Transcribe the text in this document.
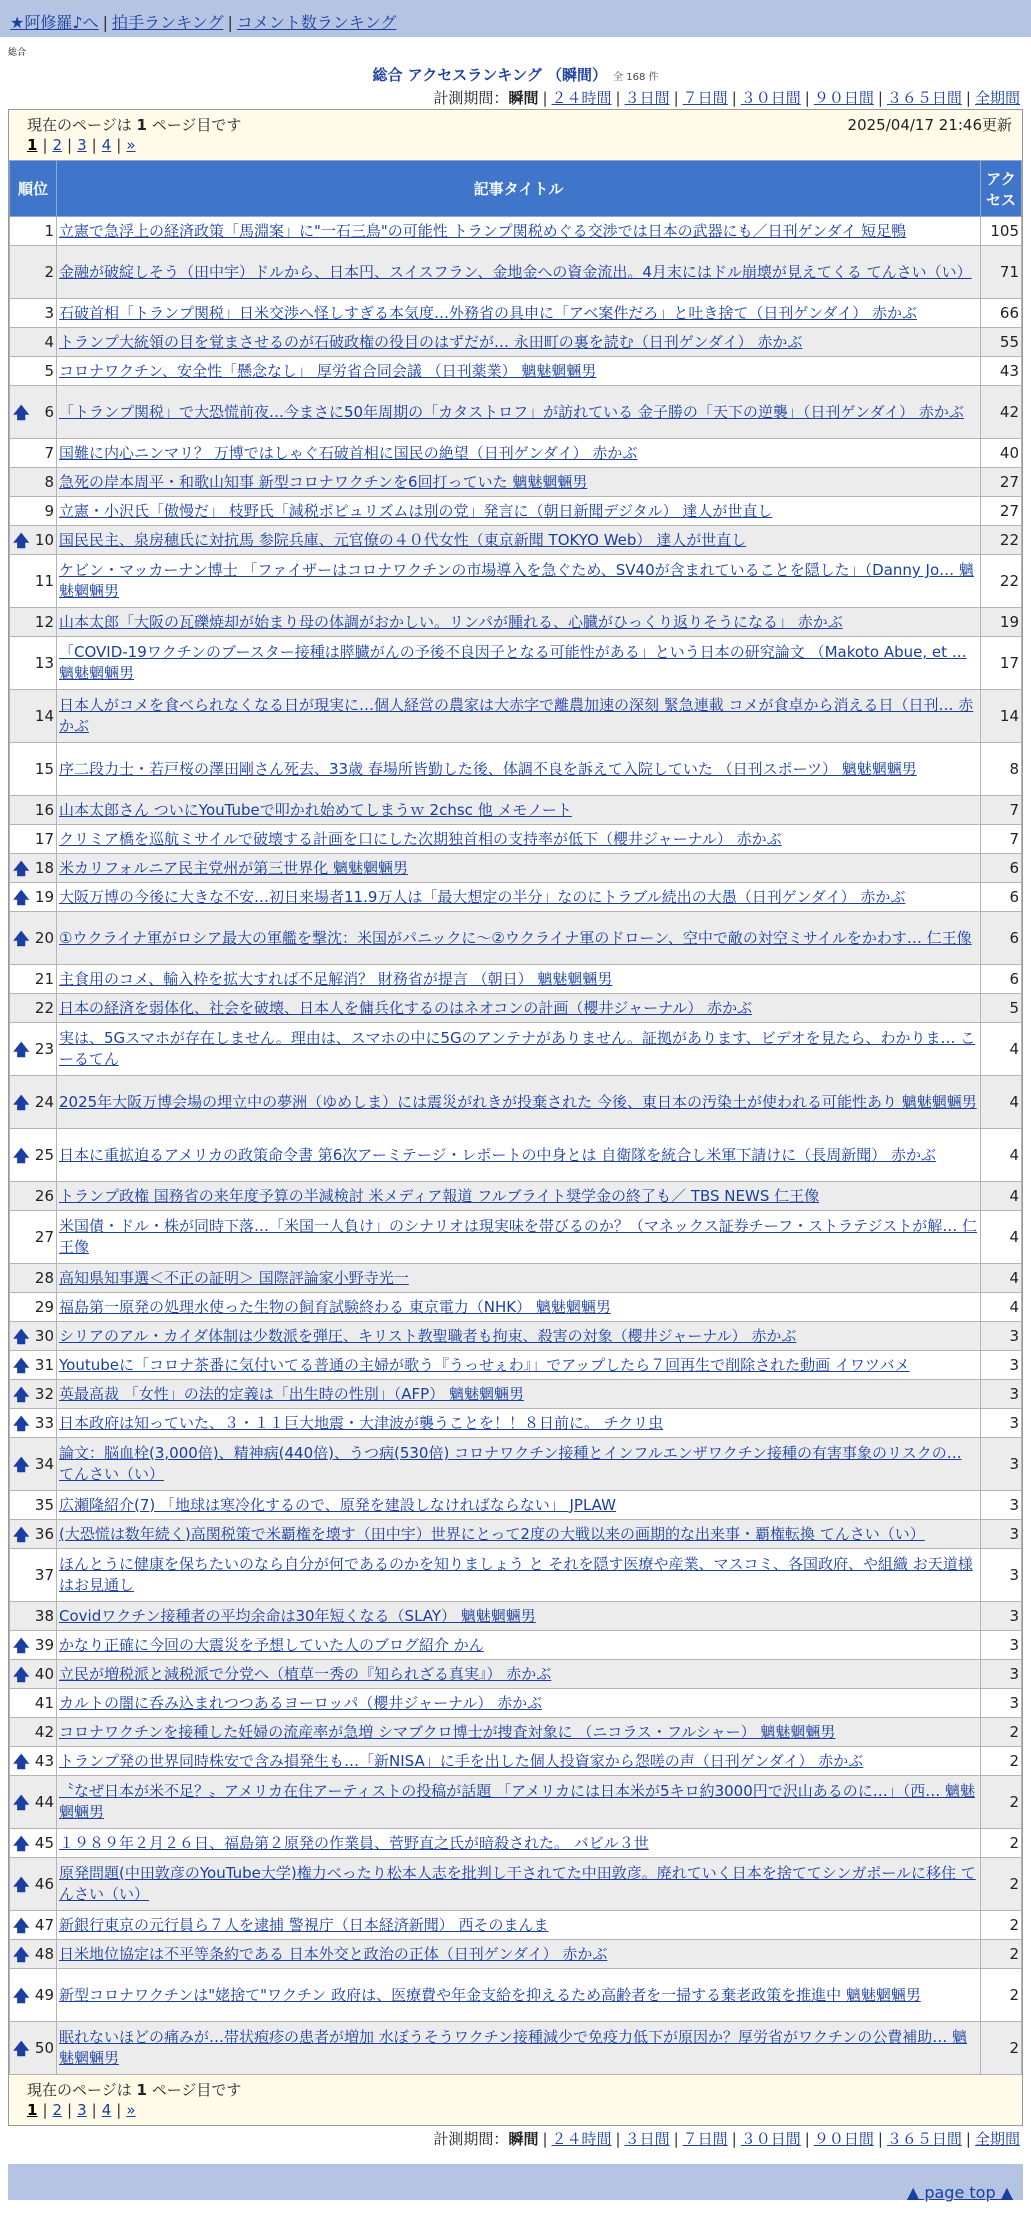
★阿修羅♪へ | 拍手ランキング | コメント数ランキング
総合
総合 アクセスランキング （瞬間） 全 168 件
計測期間：瞬間 | ２４時間 | ３日間 | ７日間 | ３０日間 | ９０日間 | ３６５日間 | 全期間
現在のページは 1 ページ目です	2025/04/17 21:46更新
1 | 2 | 3 | 4 | »
順位	記事タイトル	アクセス
1	立憲で急浮上の経済政策「馬淵案」に"一石三鳥"の可能性 トランプ関税めぐる交渉では日本の武器にも／日刊ゲンダイ 短足鴨	105
2	金融が破綻しそう（田中宇）ドルから、日本円、スイスフラン、金地金への資金流出。4月末にはドル崩壊が見えてくる てんさい（い）	71
3	石破首相「トランプ関税」日米交渉へ怪しすぎる本気度…外務省の具申に「アベ案件だろ」と吐き捨て（日刊ゲンダイ） 赤かぶ	66
4	トランプ大統領の目を覚まさせるのが石破政権の役目のはずだが… 永田町の裏を読む（日刊ゲンダイ） 赤かぶ	55
5	コロナワクチン、安全性「懸念なし」 厚労省合同会議 （日刊薬業） 魑魅魍魎男	43

🡅 6	「トランプ関税」で大恐慌前夜…今まさに50年周期の「カタストロフ」が訪れている 金子勝の「天下の逆襲」（日刊ゲンダイ） 赤かぶ	42
7	国難に内心ニンマリ？ 万博ではしゃぐ石破首相に国民の絶望（日刊ゲンダイ） 赤かぶ	40
8	急死の岸本周平・和歌山知事 新型コロナワクチンを6回打っていた 魑魅魍魎男	27
9	立憲・小沢氏「傲慢だ」 枝野氏「減税ポピュリズムは別の党」発言に（朝日新聞デジタル） 達人が世直し	27

🡅 10	国民民主、泉房穂氏に対抗馬 参院兵庫、元官僚の４０代女性（東京新聞 TOKYO Web） 達人が世直し	22
11	ケビン・マッカーナン博士 「ファイザーはコロナワクチンの市場導入を急ぐため、SV40が含まれていることを隠した」（Danny Jo… 魑魅魍魎男	22
12	山本太郎「大阪の瓦礫焼却が始まり母の体調がおかしい。リンパが腫れる、心臓がひっくり返りそうになる」 赤かぶ	19
13	「COVID-19ワクチンのブースター接種は膵臓がんの予後不良因子となる可能性がある」という日本の研究論文 （Makoto Abue, et … 魑魅魍魎男	17
14	日本人がコメを食べられなくなる日が現実に…個人経営の農家は大赤字で離農加速の深刻 緊急連載 コメが食卓から消える日（日刊… 赤かぶ	14
15	序二段力士・若戸桜の澤田剛さん死去、33歳 春場所皆勤した後、体調不良を訴えて入院していた （日刊スポーツ） 魑魅魍魎男	8
16	山本太郎さん ついにYouTubeで叩かれ始めてしまうｗ 2chsc 他 メモノート	7
17	クリミア橋を巡航ミサイルで破壊する計画を口にした次期独首相の支持率が低下（櫻井ジャーナル） 赤かぶ	7

🡅 18	米カリフォルニア民主党州が第三世界化 魑魅魍魎男	6

🡅 19	大阪万博の今後に大きな不安…初日来場者11.9万人は「最大想定の半分」なのにトラブル続出の大愚（日刊ゲンダイ） 赤かぶ	6

🡅 20	①ウクライナ軍がロシア最大の軍艦を撃沈：米国がパニックに～②ウクライナ軍のドローン、空中で敵の対空ミサイルをかわす… 仁王像	6
21	主食用のコメ、輸入枠を拡大すれば不足解消？ 財務省が提言 （朝日） 魑魅魍魎男	6
22	日本の経済を弱体化、社会を破壊、日本人を傭兵化するのはネオコンの計画（櫻井ジャーナル） 赤かぶ	5

🡅 23	実は、5Gスマホが存在しません。理由は、スマホの中に5Gのアンテナがありません。証拠があります、ビデオを見たら、わかりま… こーるてん	4

🡅 24	2025年大阪万博会場の埋立中の夢洲（ゆめしま）には震災がれきが投棄された 今後、東日本の汚染土が使われる可能性あり 魑魅魍魎男	4

🡅 25	日本に重拡迫るアメリカの政策命令書 第6次アーミテージ・レポートの中身とは 自衛隊を統合し米軍下請けに（長周新聞） 赤かぶ	4
26	トランプ政権 国務省の来年度予算の半減検討 米メディア報道 フルブライト奨学金の終了も／ TBS NEWS 仁王像	4
27	米国債・ドル・株が同時下落…「米国一人負け」のシナリオは現実味を帯びるのか？（マネックス証券チーフ・ストラテジストが解… 仁王像	4
28	高知県知事選＜不正の証明＞ 国際評論家小野寺光一	4
29	福島第一原発の処理水使った生物の飼育試験終わる 東京電力（NHK） 魑魅魍魎男	4

🡅 30	シリアのアル・カイダ体制は少数派を弾圧、キリスト教聖職者も拘束、殺害の対象（櫻井ジャーナル） 赤かぶ	3

🡅 31	Youtubeに「コロナ茶番に気付いてる普通の主婦が歌う『うっせぇわ』」でアップしたら７回再生で削除された動画 イワツバメ	3

🡅 32	英最高裁 「女性」の法的定義は「出生時の性別」（AFP） 魑魅魍魎男	3

🡅 33	日本政府は知っていた、３・１１巨大地震・大津波が襲うことを！！８日前に。 チクリ虫	3

🡅 34	論文：脳血栓(3,000倍)、精神病(440倍)、うつ病(530倍) コロナワクチン接種とインフルエンザワクチン接種の有害事象のリスクの… てんさい（い）	3
35	広瀬隆紹介(7) 「地球は寒冷化するので、原発を建設しなければならない」 JPLAW	3

🡅 36	(大恐慌は数年続く)高関税策で米覇権を壊す（田中宇）世界にとって2度の大戦以来の画期的な出来事・覇権転換 てんさい（い）	3
37	ほんとうに健康を保ちたいのなら自分が何であるのかを知りましょう と それを隠す医療や産業、マスコミ、各国政府、や組織 お天道様はお見通し	3
38	Covidワクチン接種者の平均余命は30年短くなる（SLAY） 魑魅魍魎男	3

🡅 39	かなり正確に今回の大震災を予想していた人のブログ紹介 かん	3

🡅 40	立民が増税派と減税派で分党へ（植草一秀の『知られざる真実』） 赤かぶ	3
41	カルトの闇に呑み込まれつつあるヨーロッパ（櫻井ジャーナル） 赤かぶ	3
42	コロナワクチンを接種した妊婦の流産率が急増 シマブクロ博士が捜査対象に （ニコラス・フルシャー） 魑魅魍魎男	2

🡅 43	トランプ発の世界同時株安で含み損発生も…「新NISA」に手を出した個人投資家から怨嗟の声（日刊ゲンダイ） 赤かぶ	2

🡅 44	〝なぜ日本が米不足？〟アメリカ在住アーティストの投稿が話題 「アメリカには日本米が5キロ約3000円で沢山あるのに…」（西… 魑魅魍魎男	2

🡅 45	１９８９年２月２６日、福島第２原発の作業員、菅野直之氏が暗殺された。 バビル３世	2

🡅 46	原発問題(中田敦彦のYouTube大学)権力べったり松本人志を批判し干されてた中田敦彦。廃れていく日本を捨ててシンガポールに移住 てんさい（い）	2

🡅 47	新銀行東京の元行員ら７人を逮捕 警視庁（日本経済新聞） 西そのまんま	2

🡅 48	日米地位協定は不平等条約である 日本外交と政治の正体（日刊ゲンダイ） 赤かぶ	2

🡅 49	新型コロナワクチンは"姥捨て"ワクチン 政府は、医療費や年金支給を抑えるため高齢者を一掃する棄老政策を推進中 魑魅魍魎男	2

🡅 50	眠れないほどの痛みが…帯状疱疹の患者が増加 水ぼうそうワクチン接種減少で免疫力低下が原因か？厚労省がワクチンの公費補助… 魑魅魍魎男	2
現在のページは 1 ページ目です
1 | 2 | 3 | 4 | »
計測期間：瞬間 | ２４時間 | ３日間 | ７日間 | ３０日間 | ９０日間 | ３６５日間 | 全期間
▲ page top ▲
